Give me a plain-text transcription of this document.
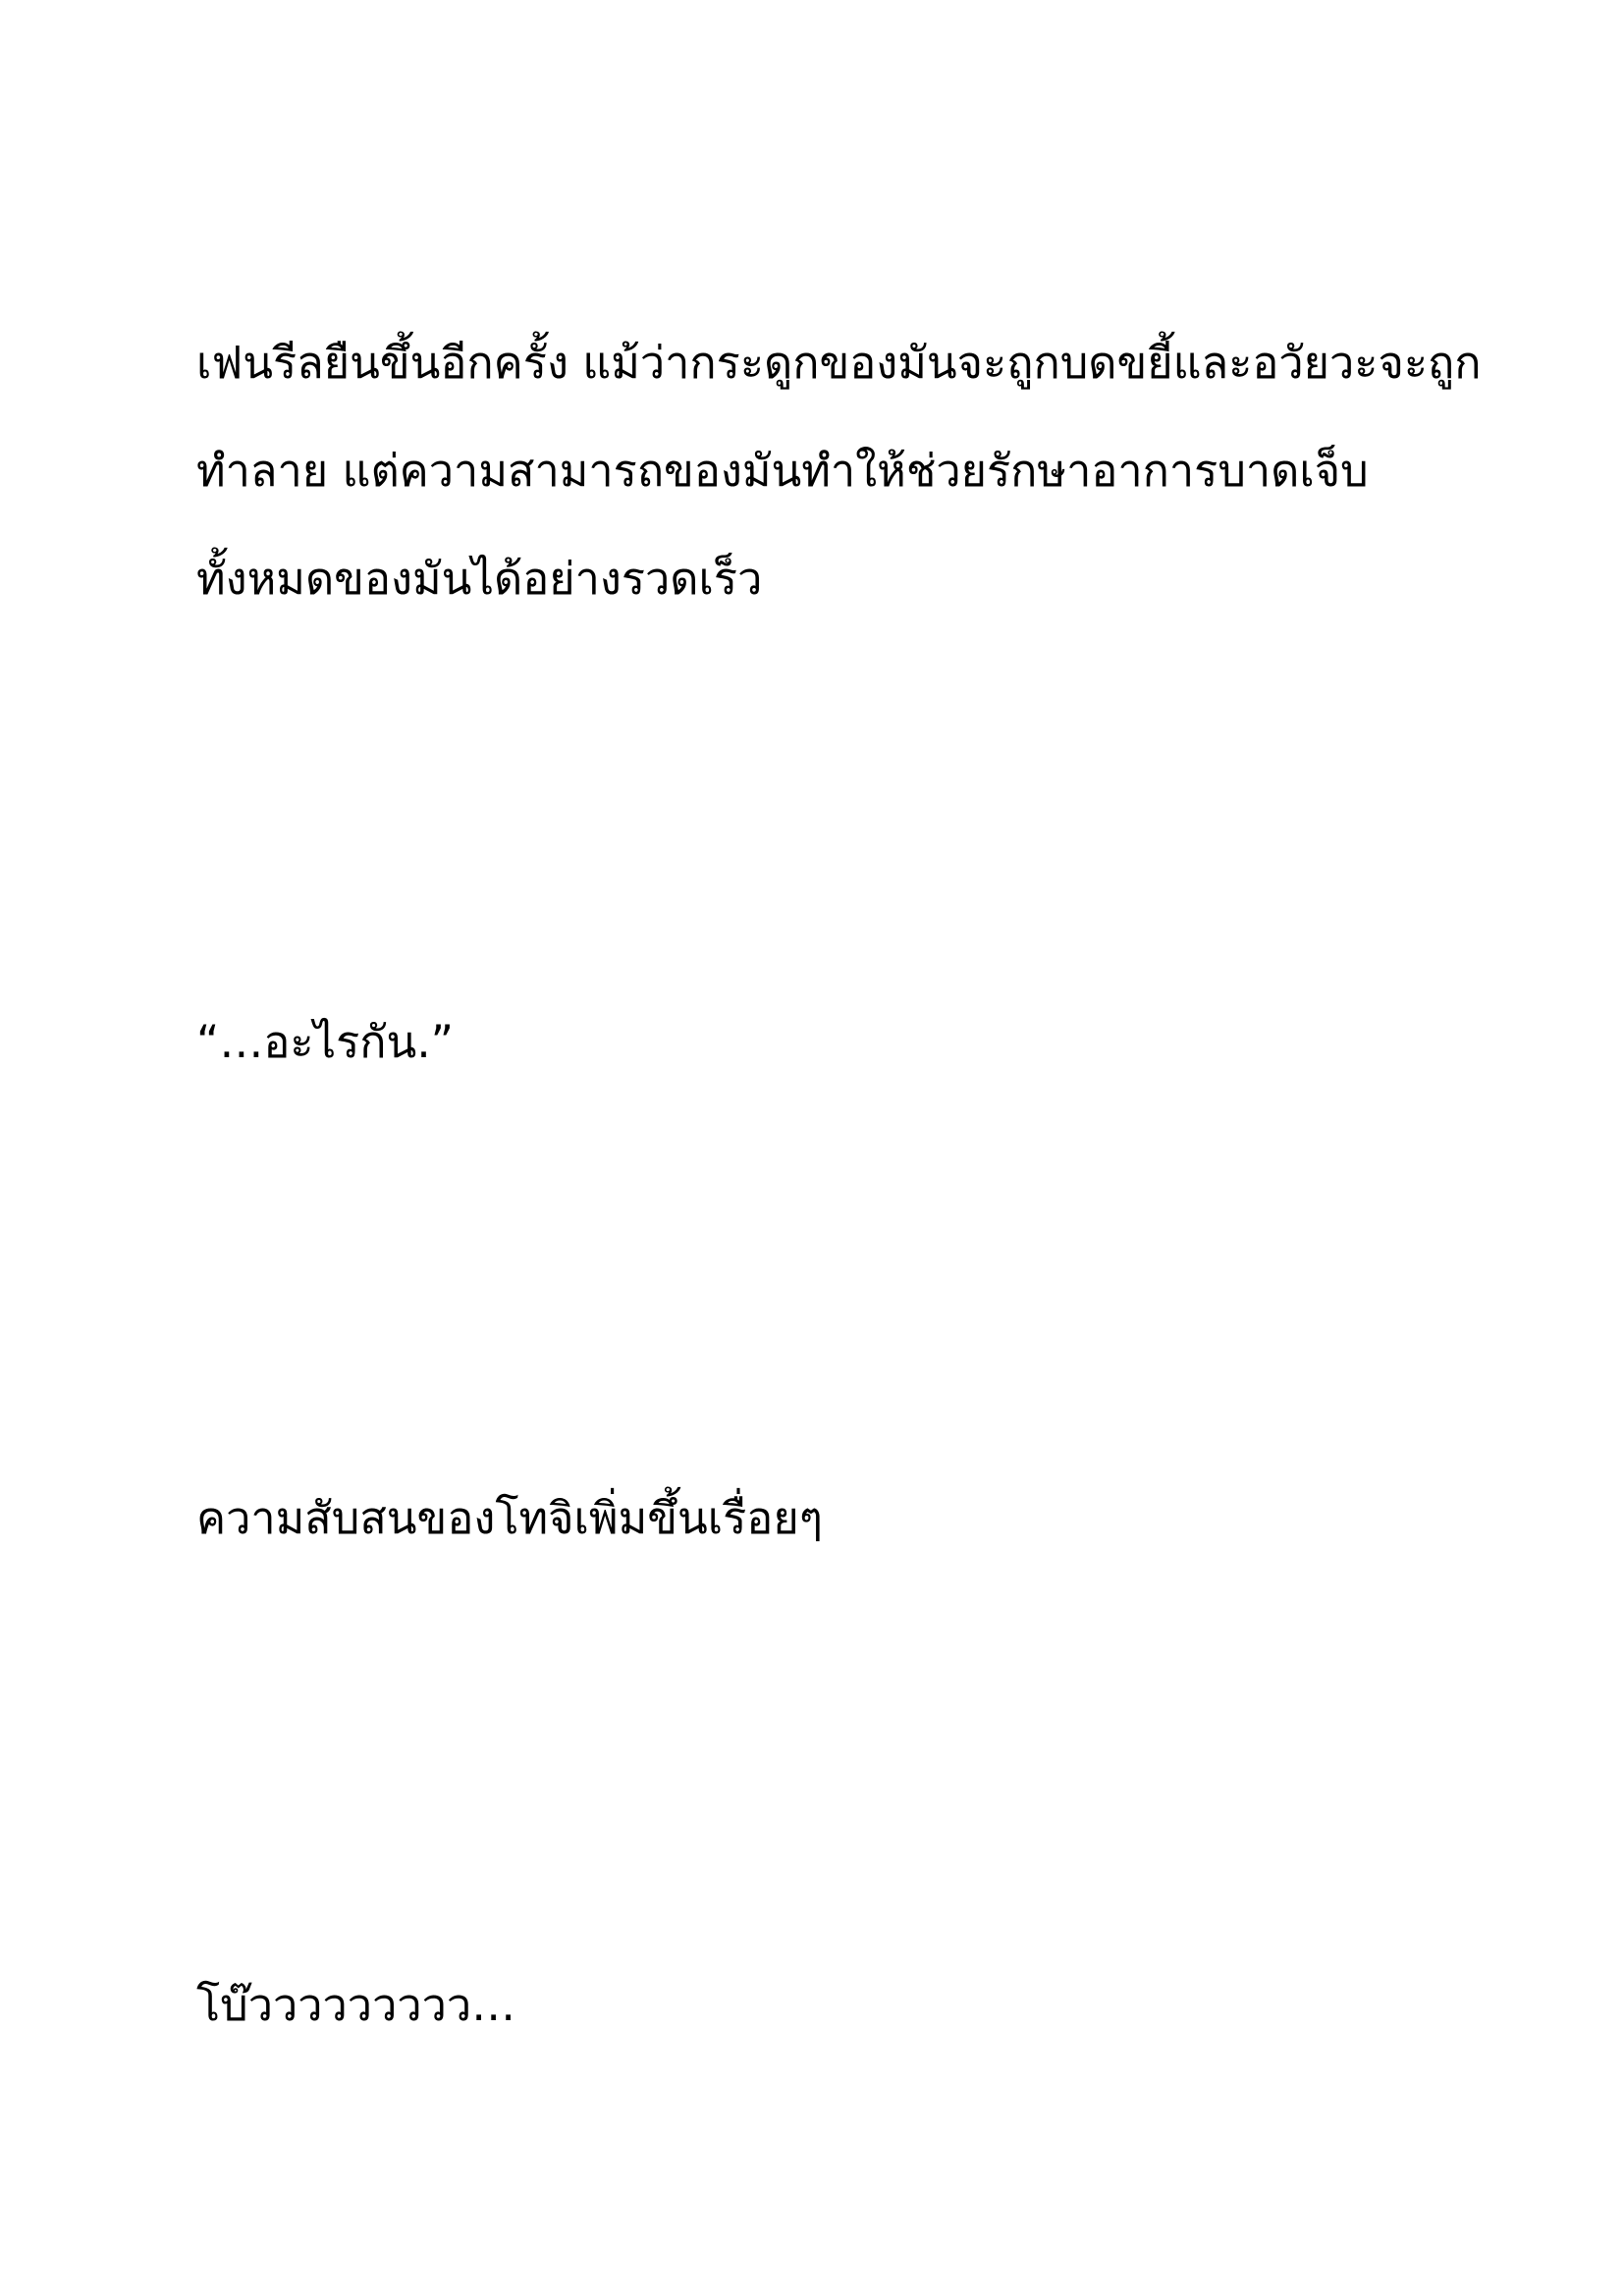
เฟนรีลยืนขึ้นอีกครั้ง แม้ว่ากระดูกของมันจะถูกบดขยี้และอวัยวะจะถูก
ทำลาย แต่ความสามารถของมันทำให้ช่วยรักษาอาการบาดเจ็บ
ทั้งหมดของมันได้อย่างรวดเร็ว
“…อะไรกัน.”
ความสับสนของโทจิเพิ่มขึ้นเรื่อยๆ
โบ๊ววววววววว…
